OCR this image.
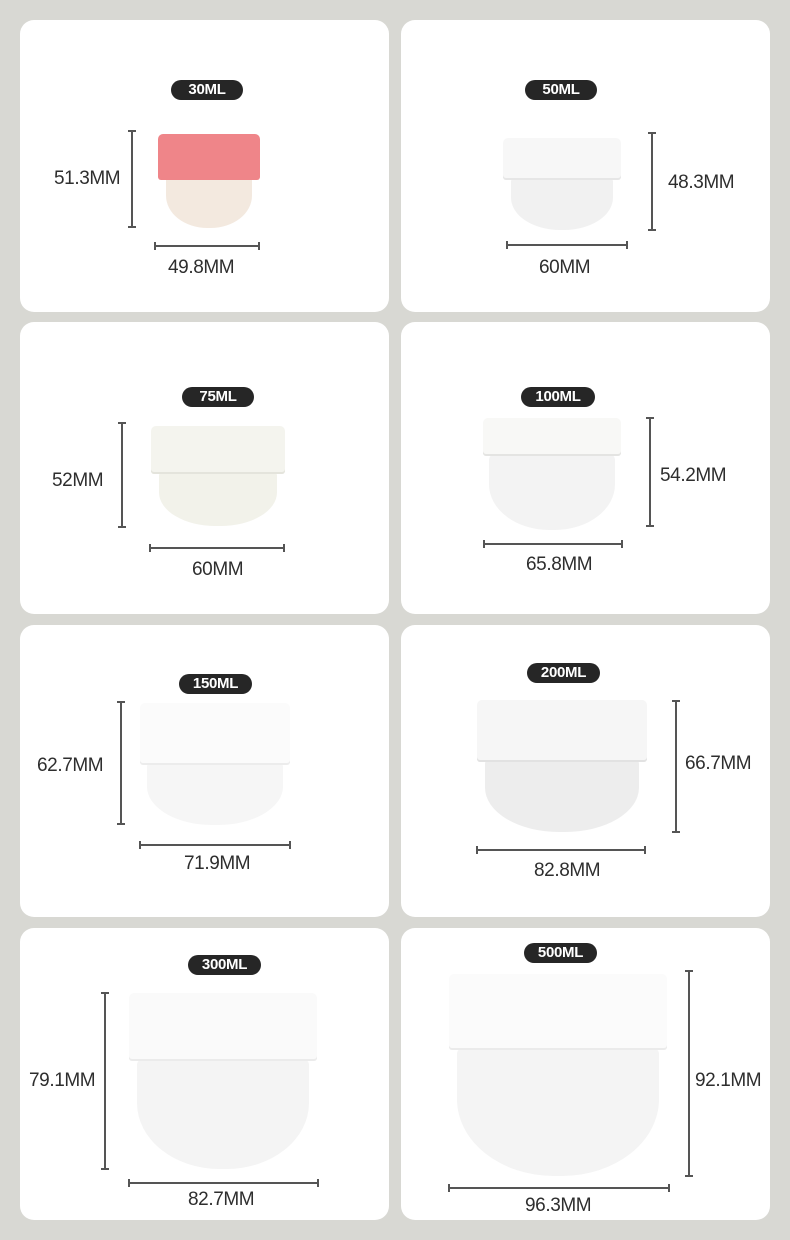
30ML
51.3MM
49.8MM
50ML
48.3MM
60MM
75ML
52MM
60MM
100ML
54.2MM
65.8MM
150ML
62.7MM
71.9MM
200ML
66.7MM
82.8MM
300ML
79.1MM
82.7MM
500ML
92.1MM
96.3MM
